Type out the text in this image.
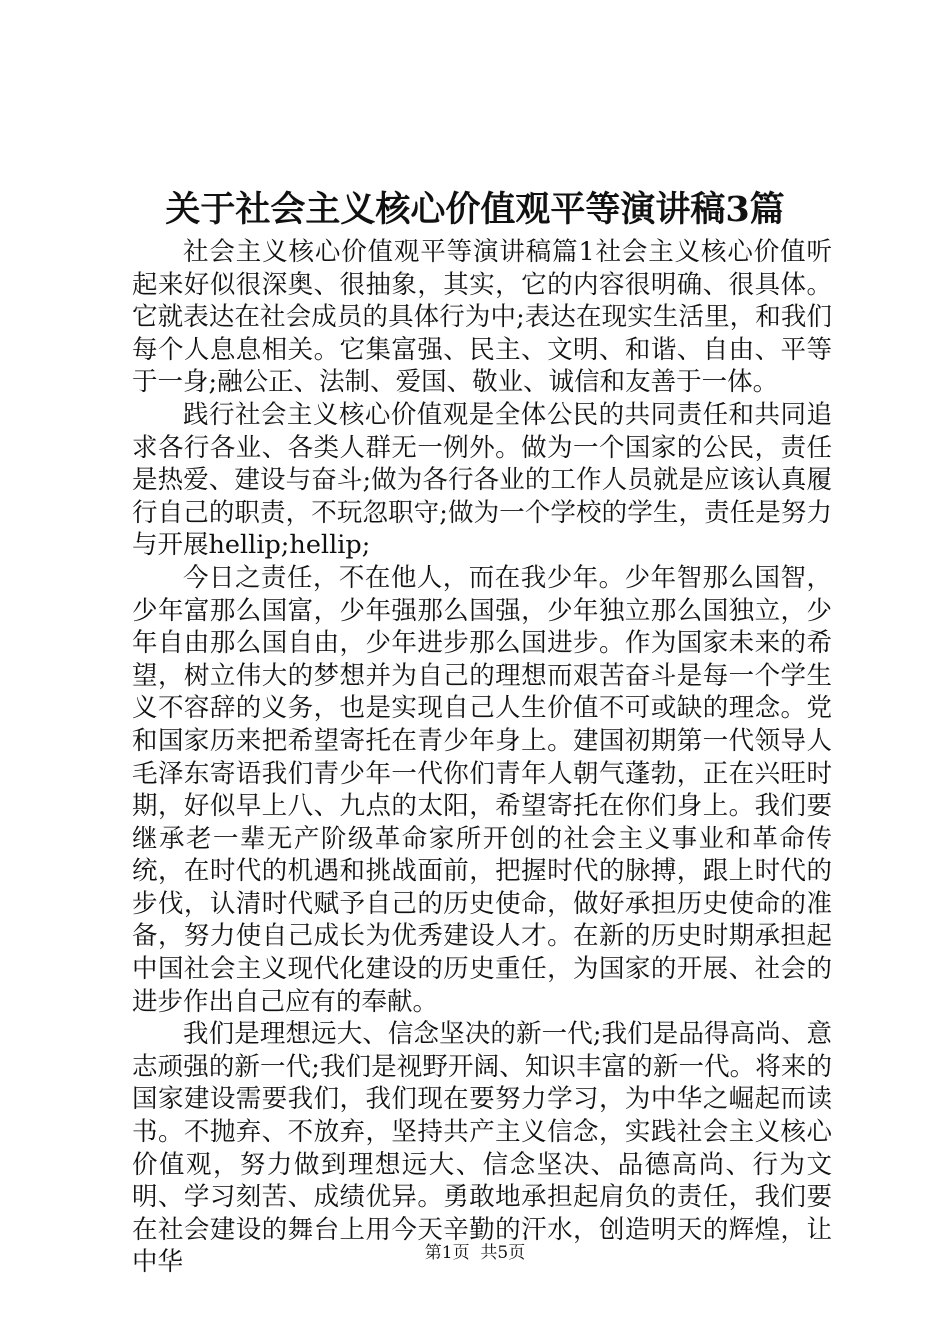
关于社会主义核心价值观平等演讲稿3篇

社会主义核心价值观平等演讲稿篇1社会主义核心价值听起来好似很深奥、很抽象，其实，它的内容很明确、很具体。它就表达在社会成员的具体行为中;表达在现实生活里，和我们每个人息息相关。它集富强、民主、文明、和谐、自由、平等于一身;融公正、法制、爱国、敬业、诚信和友善于一体。

践行社会主义核心价值观是全体公民的共同责任和共同追求各行各业、各类人群无一例外。做为一个国家的公民，责任是热爱、建设与奋斗;做为各行各业的工作人员就是应该认真履行自己的职责，不玩忽职守;做为一个学校的学生，责任是努力与开展hellip;hellip;

今日之责任，不在他人，而在我少年。少年智那么国智，少年富那么国富，少年强那么国强，少年独立那么国独立，少年自由那么国自由，少年进步那么国进步。作为国家未来的希望，树立伟大的梦想并为自己的理想而艰苦奋斗是每一个学生义不容辞的义务，也是实现自己人生价值不可或缺的理念。党和国家历来把希望寄托在青少年身上。建国初期第一代领导人毛泽东寄语我们青少年一代你们青年人朝气蓬勃，正在兴旺时期，好似早上八、九点的太阳，希望寄托在你们身上。我们要继承老一辈无产阶级革命家所开创的社会主义事业和革命传统，在时代的机遇和挑战面前，把握时代的脉搏，跟上时代的步伐，认清时代赋予自己的历史使命，做好承担历史使命的准备，努力使自己成长为优秀建设人才。在新的历史时期承担起中国社会主义现代化建设的历史重任，为国家的开展、社会的进步作出自己应有的奉献。

我们是理想远大、信念坚决的新一代;我们是品得高尚、意志顽强的新一代;我们是视野开阔、知识丰富的新一代。将来的国家建设需要我们，我们现在要努力学习，为中华之崛起而读书。不抛弃、不放弃，坚持共产主义信念，实践社会主义核心价值观，努力做到理想远大、信念坚决、品德高尚、行为文明、学习刻苦、成绩优异。勇敢地承担起肩负的责任，我们要在社会建设的舞台上用今天辛勤的汗水，创造明天的辉煌，让中华	第1页  共5页
